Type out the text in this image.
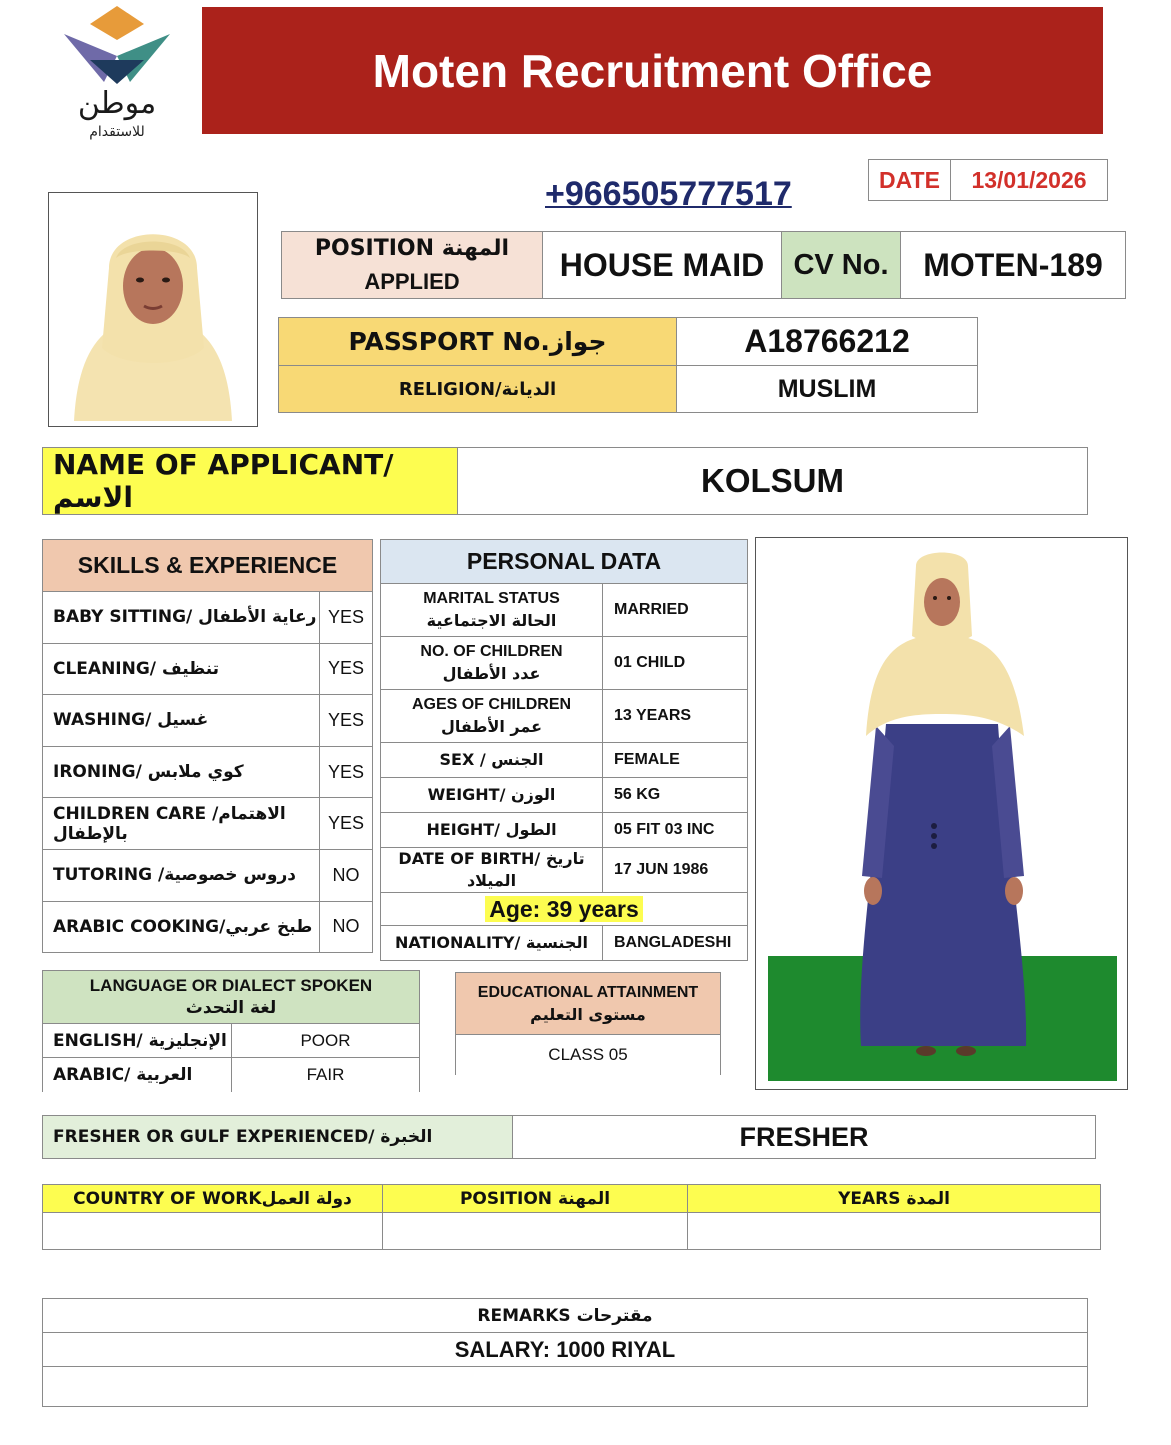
موطن
للاستقدام
Moten Recruitment Office
+966505777517	DATE	13/01/2026
POSITION المهنة
APPLIED	HOUSE MAID	CV No.	MOTEN-189
PASSPORT No.جواز	A18766212
RELIGION/الديانة	MUSLIM
NAME OF APPLICANT/ الاسم	KOLSUM
SKILLS & EXPERIENCE	
BABY SITTING/ رعاية الأطفال	YES
CLEANING/ تنظيف	YES
WASHING/ غسيل	YES
IRONING/ كوي ملابس	YES
CHILDREN CARE /الاهتمام بالإطفال	YES
TUTORING /دروس خصوصية	NO
ARABIC COOKING/طبخ عربي	NO
PERSONAL DATA	

MARITAL STATUS
الحالة الاجتماعية	MARRIED

NO. OF CHILDREN
عدد الأطفال	01 CHILD

AGES OF CHILDREN
عمر الأطفال	13 YEARS
SEX / الجنس	FEMALE
WEIGHT/ الوزن	56 KG
HEIGHT/ الطول	05 FIT 03 INC
DATE OF BIRTH/ تاريخ الميلاد	17 JUN 1986
Age: 39 years	
NATIONALITY/ الجنسية	BANGLADESHI
LANGUAGE OR DIALECT SPOKEN
لغة التحدث	

ENGLISH/ الإنجليزية	POOR
ARABIC/ العربية	FAIR
EDUCATIONAL ATTAINMENT
مستوى التعليم

CLASS 05
FRESHER OR GULF EXPERIENCED/ الخبرة	FRESHER
COUNTRY OF WORKدولة العمل	POSITION المهنة	YEARS المدة

REMARKS مقترحات
SALARY: 1000 RIYAL
